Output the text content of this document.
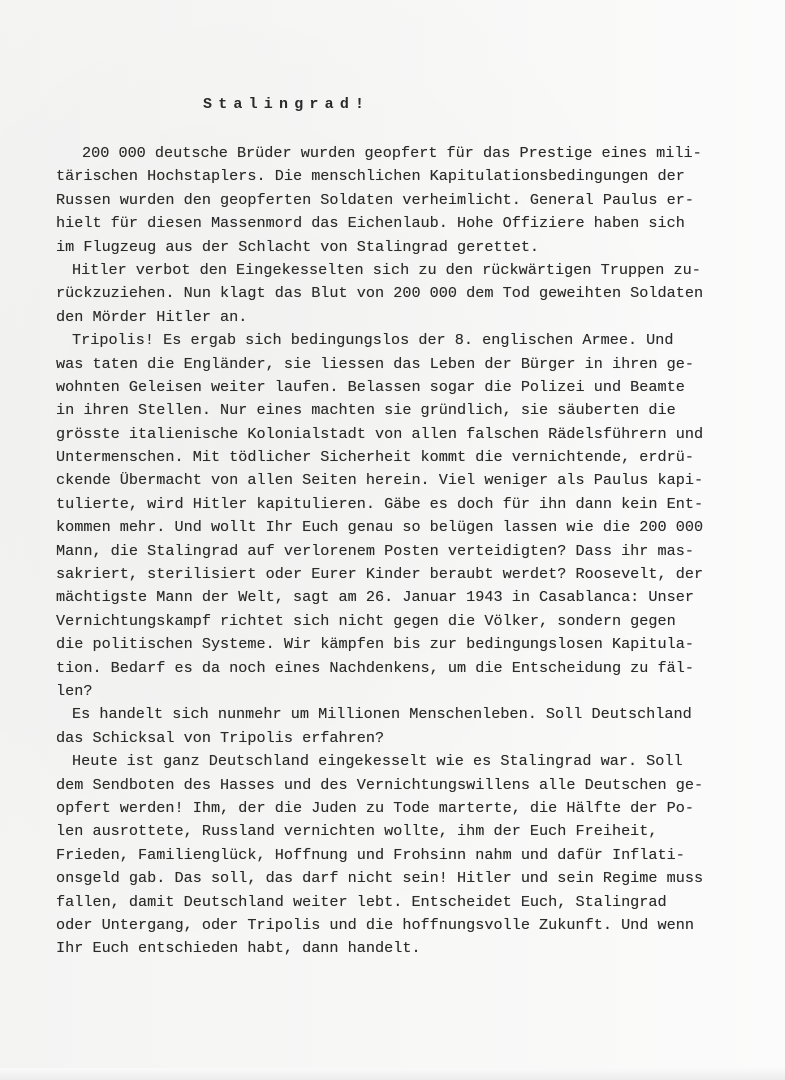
Stalingrad!
200 000 deutsche Brüder wurden geopfert für das Prestige eines mili-
tärischen Hochstaplers. Die menschlichen Kapitulationsbedingungen der
Russen wurden den geopferten Soldaten verheimlicht. General Paulus er-
hielt für diesen Massenmord das Eichenlaub. Hohe Offiziere haben sich
im Flugzeug aus der Schlacht von Stalingrad gerettet.
Hitler verbot den Eingekesselten sich zu den rückwärtigen Truppen zu-
rückzuziehen. Nun klagt das Blut von 200 000 dem Tod geweihten Soldaten
den Mörder Hitler an.
Tripolis! Es ergab sich bedingungslos der 8. englischen Armee. Und
was taten die Engländer, sie liessen das Leben der Bürger in ihren ge-
wohnten Geleisen weiter laufen. Belassen sogar die Polizei und Beamte
in ihren Stellen. Nur eines machten sie gründlich, sie säuberten die
grösste italienische Kolonialstadt von allen falschen Rädelsführern und
Untermenschen. Mit tödlicher Sicherheit kommt die vernichtende, erdrü-
ckende Übermacht von allen Seiten herein. Viel weniger als Paulus kapi-
tulierte, wird Hitler kapitulieren. Gäbe es doch für ihn dann kein Ent-
kommen mehr. Und wollt Ihr Euch genau so belügen lassen wie die 200 000
Mann, die Stalingrad auf verlorenem Posten verteidigten? Dass ihr mas-
sakriert, sterilisiert oder Eurer Kinder beraubt werdet? Roosevelt, der
mächtigste Mann der Welt, sagt am 26. Januar 1943 in Casablanca: Unser
Vernichtungskampf richtet sich nicht gegen die Völker, sondern gegen
die politischen Systeme. Wir kämpfen bis zur bedingungslosen Kapitula-
tion. Bedarf es da noch eines Nachdenkens, um die Entscheidung zu fäl-
len?
Es handelt sich nunmehr um Millionen Menschenleben. Soll Deutschland
das Schicksal von Tripolis erfahren?
Heute ist ganz Deutschland eingekesselt wie es Stalingrad war. Soll
dem Sendboten des Hasses und des Vernichtungswillens alle Deutschen ge-
opfert werden! Ihm, der die Juden zu Tode marterte, die Hälfte der Po-
len ausrottete, Russland vernichten wollte, ihm der Euch Freiheit,
Frieden, Familienglück, Hoffnung und Frohsinn nahm und dafür Inflati-
onsgeld gab. Das soll, das darf nicht sein! Hitler und sein Regime muss
fallen, damit Deutschland weiter lebt. Entscheidet Euch, Stalingrad
oder Untergang, oder Tripolis und die hoffnungsvolle Zukunft. Und wenn
Ihr Euch entschieden habt, dann handelt.
